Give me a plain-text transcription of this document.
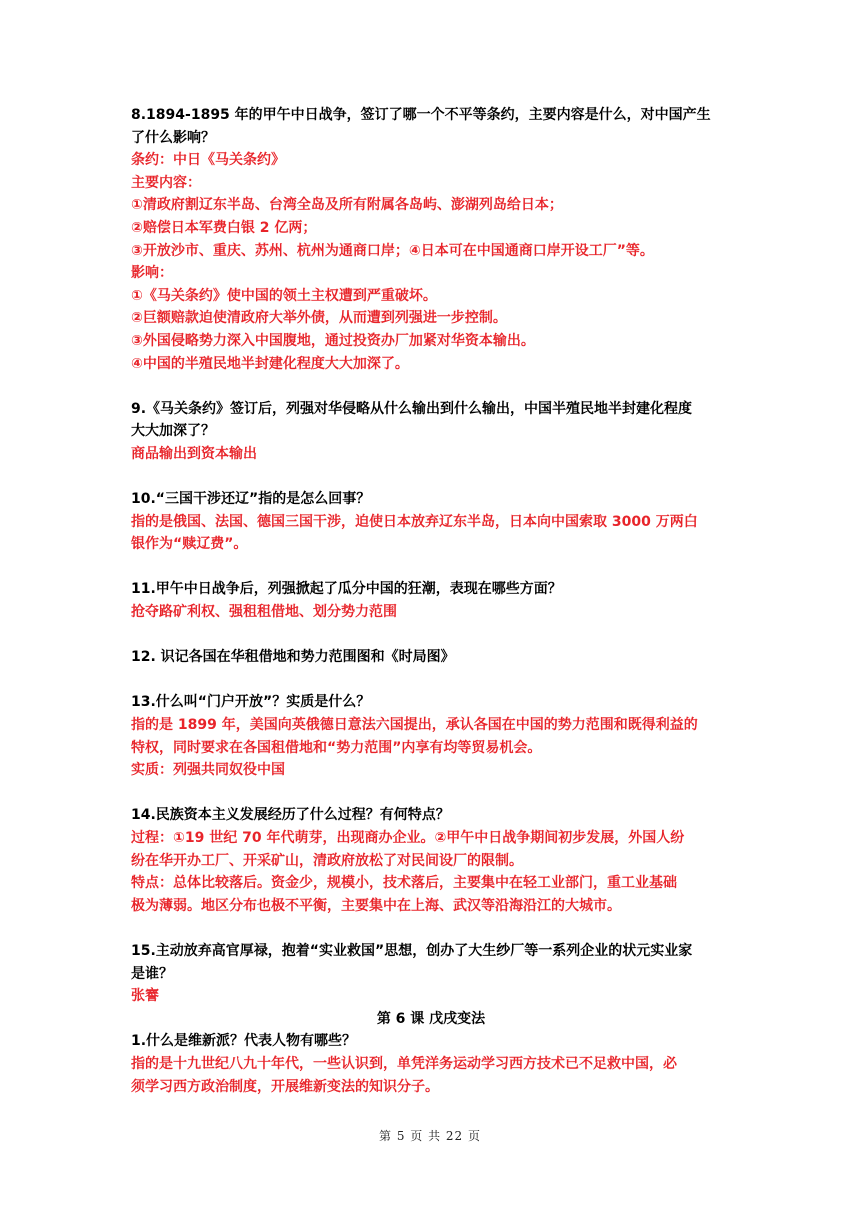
8.1894-1895 年的甲午中日战争，签订了哪一个不平等条约，主要内容是什么，对中国产生
了什么影响？
条约：中日《马关条约》
主要内容：
①清政府割辽东半岛、台湾全岛及所有附属各岛屿、澎湖列岛给日本；
②赔偿日本军费白银 2 亿两；
③开放沙市、重庆、苏州、杭州为通商口岸；④日本可在中国通商口岸开设工厂”等。
影响：
①《马关条约》使中国的领土主权遭到严重破坏。
②巨额赔款迫使清政府大举外债，从而遭到列强进一步控制。
③外国侵略势力深入中国腹地，通过投资办厂加紧对华资本输出。
④中国的半殖民地半封建化程度大大加深了。
9.《马关条约》签订后，列强对华侵略从什么输出到什么输出，中国半殖民地半封建化程度
大大加深了？
商品输出到资本输出
10.“三国干涉还辽”指的是怎么回事？
指的是俄国、法国、德国三国干涉，迫使日本放弃辽东半岛，日本向中国索取 3000 万两白
银作为“赎辽费”。
11.甲午中日战争后，列强掀起了瓜分中国的狂潮，表现在哪些方面？
抢夺路矿利权、强租租借地、划分势力范围
12. 识记各国在华租借地和势力范围图和《时局图》
13.什么叫“门户开放”？实质是什么？
指的是 1899 年，美国向英俄德日意法六国提出，承认各国在中国的势力范围和既得利益的
特权，同时要求在各国租借地和“势力范围”内享有均等贸易机会。
实质：列强共同奴役中国
14.民族资本主义发展经历了什么过程？有何特点？
过程：①19 世纪 70 年代萌芽，出现商办企业。②甲午中日战争期间初步发展，外国人纷
纷在华开办工厂、开采矿山，清政府放松了对民间设厂的限制。
特点：总体比较落后。资金少，规模小，技术落后，主要集中在轻工业部门，重工业基础
极为薄弱。地区分布也极不平衡，主要集中在上海、武汉等沿海沿江的大城市。
15.主动放弃高官厚禄，抱着“实业救国”思想，创办了大生纱厂等一系列企业的状元实业家
是谁？
张謇
第 6 课 戊戌变法
1.什么是维新派？代表人物有哪些？
指的是十九世纪八九十年代，一些认识到，单凭洋务运动学习西方技术已不足救中国，必
须学习西方政治制度，开展维新变法的知识分子。
第 5 页 共 22 页
